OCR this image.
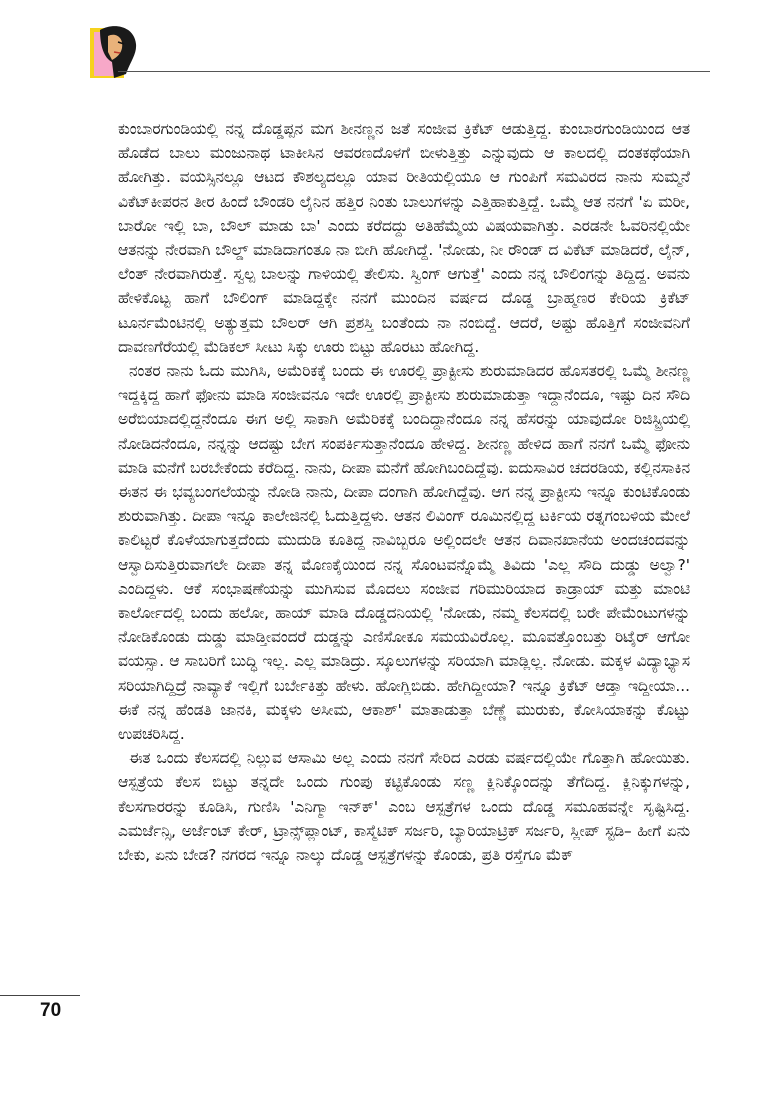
ಕುಂಬಾರಗುಂಡಿಯಲ್ಲಿ ನನ್ನ ದೊಡ್ಡಪ್ಪನ ಮಗ ಶೀನಣ್ಣನ ಜತೆ ಸಂಜೀವ ಕ್ರಿಕೆಟ್ ಆಡುತ್ತಿದ್ದ. ಕುಂಬಾರಗುಂಡಿಯಿಂದ ಆತ ಹೊಡೆದ ಬಾಲು ಮಂಜುನಾಥ ಟಾಕೀಸಿನ ಆವರಣದೊಳಗೆ ಬೀಳುತ್ತಿತ್ತು ಎನ್ನುವುದು ಆ ಕಾಲದಲ್ಲಿ ದಂತಕಥೆಯಾಗಿ ಹೋಗಿತ್ತು. ವಯಸ್ಸಿನಲ್ಲೂ ಆಟದ ಕೌಶಲ್ಯದಲ್ಲೂ ಯಾವ ರೀತಿಯಲ್ಲಿಯೂ ಆ ಗುಂಪಿಗೆ ಸಮವಿರದ ನಾನು ಸುಮ್ಮನೆ ವಿಕೆಟ್‌ಕೀಪರನ ತೀರ ಹಿಂದೆ ಬೌಂಡರಿ ಲೈನಿನ ಹತ್ತಿರ ನಿಂತು ಬಾಲುಗಳನ್ನು ಎತ್ತಿಹಾಕುತ್ತಿದ್ದೆ. ಒಮ್ಮೆ ಆತ ನನಗೆ 'ಏ ಮರೀ, ಬಾರೋ ಇಲ್ಲಿ ಬಾ, ಬೌಲ್ ಮಾಡು ಬಾ' ಎಂದು ಕರೆದದ್ದು ಅತಿಹೆಮ್ಮೆಯ ವಿಷಯವಾಗಿತ್ತು. ಎರಡನೇ ಓವರಿನಲ್ಲಿಯೇ ಆತನನ್ನು ನೇರವಾಗಿ ಬೌಲ್ಡ್ ಮಾಡಿದಾಗಂತೂ ನಾ ಬೀಗಿ ಹೋಗಿದ್ದೆ. 'ನೋಡು, ನೀ ರೌಂಡ್ ದ ವಿಕೆಟ್ ಮಾಡಿದರೆ, ಲೈನ್, ಲೆಂತ್ ನೇರವಾಗಿರುತ್ತೆ. ಸ್ವಲ್ಪ ಬಾಲನ್ನು ಗಾಳಿಯಲ್ಲಿ ತೇಲಿಸು. ಸ್ವಿಂಗ್ ಆಗುತ್ತೆ' ಎಂದು ನನ್ನ ಬೌಲಿಂಗನ್ನು ತಿದ್ದಿದ್ದ. ಅವನು ಹೇಳಿಕೊಟ್ಟ ಹಾಗೆ ಬೌಲಿಂಗ್ ಮಾಡಿದ್ದಕ್ಕೇ ನನಗೆ ಮುಂದಿನ ವರ್ಷದ ದೊಡ್ಡ ಬ್ರಾಹ್ಮಣರ ಕೇರಿಯ ಕ್ರಿಕೆಟ್ ಟೂರ್ನಮೆಂಟಿನಲ್ಲಿ ಅತ್ಯುತ್ತಮ ಬೌಲರ್ ಆಗಿ ಪ್ರಶಸ್ತಿ ಬಂತೆಂದು ನಾ ನಂಬಿದ್ದೆ. ಆದರೆ, ಅಷ್ಟು ಹೊತ್ತಿಗೆ ಸಂಜೀವನಿಗೆ ದಾವಣಗೆರೆಯಲ್ಲಿ ಮೆಡಿಕಲ್ ಸೀಟು ಸಿಕ್ಕು ಊರು ಬಿಟ್ಟು ಹೊರಟು ಹೋಗಿದ್ದ.

ನಂತರ ನಾನು ಓದು ಮುಗಿಸಿ, ಅಮೆರಿಕಕ್ಕೆ ಬಂದು ಈ ಊರಲ್ಲಿ ಪ್ರಾಕ್ಟೀಸು ಶುರುಮಾಡಿದರ ಹೊಸತರಲ್ಲಿ ಒಮ್ಮೆ ಶೀನಣ್ಣ ಇದ್ದಕ್ಕಿದ್ದ ಹಾಗೆ ಫೋನು ಮಾಡಿ ಸಂಜೀವನೂ ಇದೇ ಊರಲ್ಲಿ ಪ್ರಾಕ್ಟೀಸು ಶುರುಮಾಡುತ್ತಾ ಇದ್ದಾನೆಂದೂ, ಇಷ್ಟು ದಿನ ಸೌದಿ ಅರೆಬಿಯಾದಲ್ಲಿದ್ದನೆಂದೂ ಈಗ ಅಲ್ಲಿ ಸಾಕಾಗಿ ಅಮೆರಿಕಕ್ಕೆ ಬಂದಿದ್ದಾನೆಂದೂ ನನ್ನ ಹೆಸರನ್ನು ಯಾವುದೋ ರಿಜಿಸ್ಟ್ರಿಯಲ್ಲಿ ನೋಡಿದನೆಂದೂ, ನನ್ನನ್ನು ಆದಷ್ಟು ಬೇಗ ಸಂಪರ್ಕಿಸುತ್ತಾನೆಂದೂ ಹೇಳಿದ್ದ. ಶೀನಣ್ಣ ಹೇಳಿದ ಹಾಗೆ ನನಗೆ ಒಮ್ಮೆ ಫೋನು ಮಾಡಿ ಮನೆಗೆ ಬರಬೇಕೆಂದು ಕರೆದಿದ್ದ. ನಾನು, ದೀಪಾ ಮನೆಗೆ ಹೋಗಿಬಂದಿದ್ದೆವು. ಐದುಸಾವಿರ ಚದರಡಿಯ, ಕಲ್ಲಿನಸಾಕಿನ ಈತನ ಈ ಭವ್ಯಬಂಗಲೆಯನ್ನು ನೋಡಿ ನಾನು, ದೀಪಾ ದಂಗಾಗಿ ಹೋಗಿದ್ದೆವು. ಆಗ ನನ್ನ ಪ್ರಾಕ್ಟೀಸು ಇನ್ನೂ ಕುಂಟಿಕೊಂಡು ಶುರುವಾಗಿತ್ತು. ದೀಪಾ ಇನ್ನೂ ಕಾಲೇಜಿನಲ್ಲಿ ಓದುತ್ತಿದ್ದಳು. ಆತನ ಲಿವಿಂಗ್ ರೂಮಿನಲ್ಲಿದ್ದ ಟರ್ಕಿಯ ರತ್ನಗಂಬಳಿಯ ಮೇಲೆ ಕಾಲಿಟ್ಟರೆ ಕೊಳೆಯಾಗುತ್ತದೆಂದು ಮುದುಡಿ ಕೂತಿದ್ದ ನಾವಿಬ್ಬರೂ ಅಲ್ಲಿಂದಲೇ ಆತನ ದಿವಾನಖಾನೆಯ ಅಂದಚಂದವನ್ನು ಆಸ್ವಾದಿಸುತ್ತಿರುವಾಗಲೇ ದೀಪಾ ತನ್ನ ಮೊಣಕೈಯಿಂದ ನನ್ನ ಸೊಂಟವನ್ನೊಮ್ಮೆ ತಿವಿದು 'ಎಲ್ಲ ಸೌದಿ ದುಡ್ಡು ಅಲ್ವಾ?' ಎಂದಿದ್ದಳು. ಆಕೆ ಸಂಭಾಷಣೆಯನ್ನು ಮುಗಿಸುವ ಮೊದಲು ಸಂಜೀವ ಗರಿಮುರಿಯಾದ ಕಾಡ್ರಾಯ್ ಮತ್ತು ಮಾಂಟಿ ಕಾರ್ಲೋದಲ್ಲಿ ಬಂದು ಹಲೋ, ಹಾಯ್ ಮಾಡಿ ದೊಡ್ಡದನಿಯಲ್ಲಿ 'ನೋಡು, ನಮ್ಮ ಕೆಲಸದಲ್ಲಿ ಬರೇ ಪೇಮೆಂಟುಗಳನ್ನು ನೋಡಿಕೊಂಡು ದುಡ್ಡು ಮಾಡ್ತೀವಂದರೆ ದುಡ್ಡನ್ನು ಎಣಿಸೋಕೂ ಸಮಯವಿರೊಲ್ಲ. ಮೂವತ್ತೊಂಬತ್ತು ರಿಟೈರ್ ಆಗೋ ವಯಸ್ಸಾ. ಆ ಸಾಬರಿಗೆ ಬುದ್ಧಿ ಇಲ್ಲ. ಎಲ್ಲ ಮಾಡಿದ್ರು. ಸ್ಕೂಲುಗಳನ್ನು ಸರಿಯಾಗಿ ಮಾಡ್ಲಿಲ್ಲ. ನೋಡು. ಮಕ್ಕಳ ವಿದ್ಯಾಭ್ಯಾಸ ಸರಿಯಾಗಿದ್ದಿದ್ರೆ ನಾವ್ಯಾಕೆ ಇಲ್ಲಿಗೆ ಬರ್ಬೇಕಿತ್ತು ಹೇಳು. ಹೋಗ್ಲಿಬಿಡು. ಹೇಗಿದ್ದೀಯಾ? ಇನ್ನೂ ಕ್ರಿಕೆಟ್ ಆಡ್ತಾ ಇದ್ದೀಯಾ... ಈಕೆ ನನ್ನ ಹೆಂಡತಿ ಜಾನಕಿ, ಮಕ್ಕಳು ಅಸೀಮ, ಆಕಾಶ್' ಮಾತಾಡುತ್ತಾ ಬೆಣ್ಣೆ ಮುರುಕು, ಕೋಸಿಯಾಕನ್ನು ಕೊಟ್ಟು ಉಪಚರಿಸಿದ್ದ.

ಈತ ಒಂದು ಕೆಲಸದಲ್ಲಿ ನಿಲ್ಲುವ ಆಸಾಮಿ ಅಲ್ಲ ಎಂದು ನನಗೆ ಸೇರಿದ ಎರಡು ವರ್ಷದಲ್ಲಿಯೇ ಗೊತ್ತಾಗಿ ಹೋಯಿತು. ಆಸ್ಪತ್ರೆಯ ಕೆಲಸ ಬಿಟ್ಟು ತನ್ನದೇ ಒಂದು ಗುಂಪು ಕಟ್ಟಿಕೊಂಡು ಸಣ್ಣ ಕ್ಲಿನಿಕ್ಕೊಂದನ್ನು ತೆಗೆದಿದ್ದ. ಕ್ಲಿನಿಕ್ಕುಗಳನ್ನು, ಕೆಲಸಗಾರರನ್ನು ಕೂಡಿಸಿ, ಗುಣಿಸಿ 'ಎನಿಗ್ಮಾ ಇನ್‌ಕ್' ಎಂಬ ಆಸ್ಪತ್ರೆಗಳ ಒಂದು ದೊಡ್ಡ ಸಮೂಹವನ್ನೇ ಸೃಷ್ಟಿಸಿದ್ದ. ಎಮರ್ಜೆನ್ಸಿ, ಅರ್ಜೆಂಟ್ ಕೇರ್, ಟ್ರಾನ್ಸ್‌ಪ್ಲಾಂಟ್, ಕಾಸ್ಮೆಟಿಕ್ ಸರ್ಜರಿ, ಬ್ಯಾರಿಯಾಟ್ರಿಕ್ ಸರ್ಜರಿ, ಸ್ಲೀಪ್ ಸ್ಟಡಿ– ಹೀಗೆ ಏನು ಬೇಕು, ಏನು ಬೇಡ? ನಗರದ ಇನ್ನೂ ನಾಲ್ಕು ದೊಡ್ಡ ಆಸ್ಪತ್ರೆಗಳನ್ನು ಕೊಂಡು, ಪ್ರತಿ ರಸ್ತೆಗೂ ಮೆಕ್

70
